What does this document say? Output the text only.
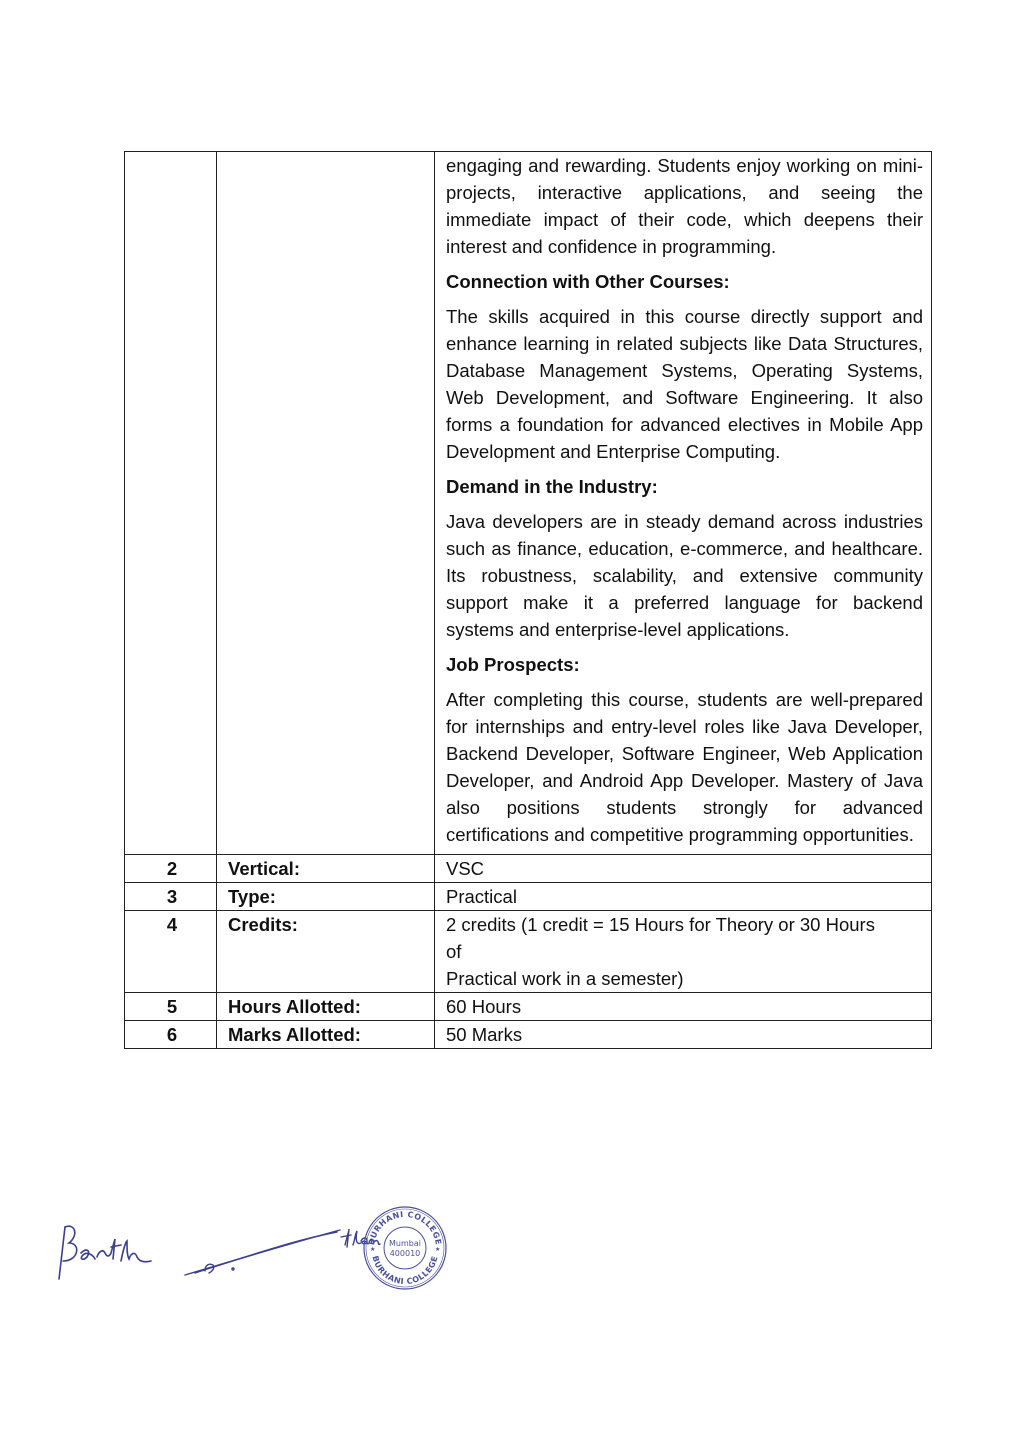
engaging and rewarding. Students enjoy working on mini- projects, interactive applications, and seeing the immediate impact of their code, which deepens their interest and confidence in programming.

Connection with Other Courses:

The skills acquired in this course directly support and enhance learning in related subjects like Data Structures, Database Management Systems, Operating Systems, Web Development, and Software Engineering. It also forms a foundation for advanced electives in Mobile App Development and Enterprise Computing.

Demand in the Industry:

Java developers are in steady demand across industries such as finance, education, e-commerce, and healthcare. Its robustness, scalability, and extensive community support make it a preferred language for backend systems and enterprise-level applications.

Job Prospects:

After completing this course, students are well-prepared for internships and entry-level roles like Java Developer, Backend Developer, Software Engineer, Web Application Developer, and Android App Developer. Mastery of Java also positions students strongly for advanced certifications and competitive programming opportunities.

2	Vertical:	VSC
3	Type:	Practical
4	Credits:	2 credits (1 credit = 15 Hours for Theory or 30 Hours
of
Practical work in a semester)

5	Hours Allotted:	60 Hours
6	Marks Allotted:	50 Marks
BURHANI COLLEGE
BURHANI COLLEGE
Mumbai
400010
★	★
